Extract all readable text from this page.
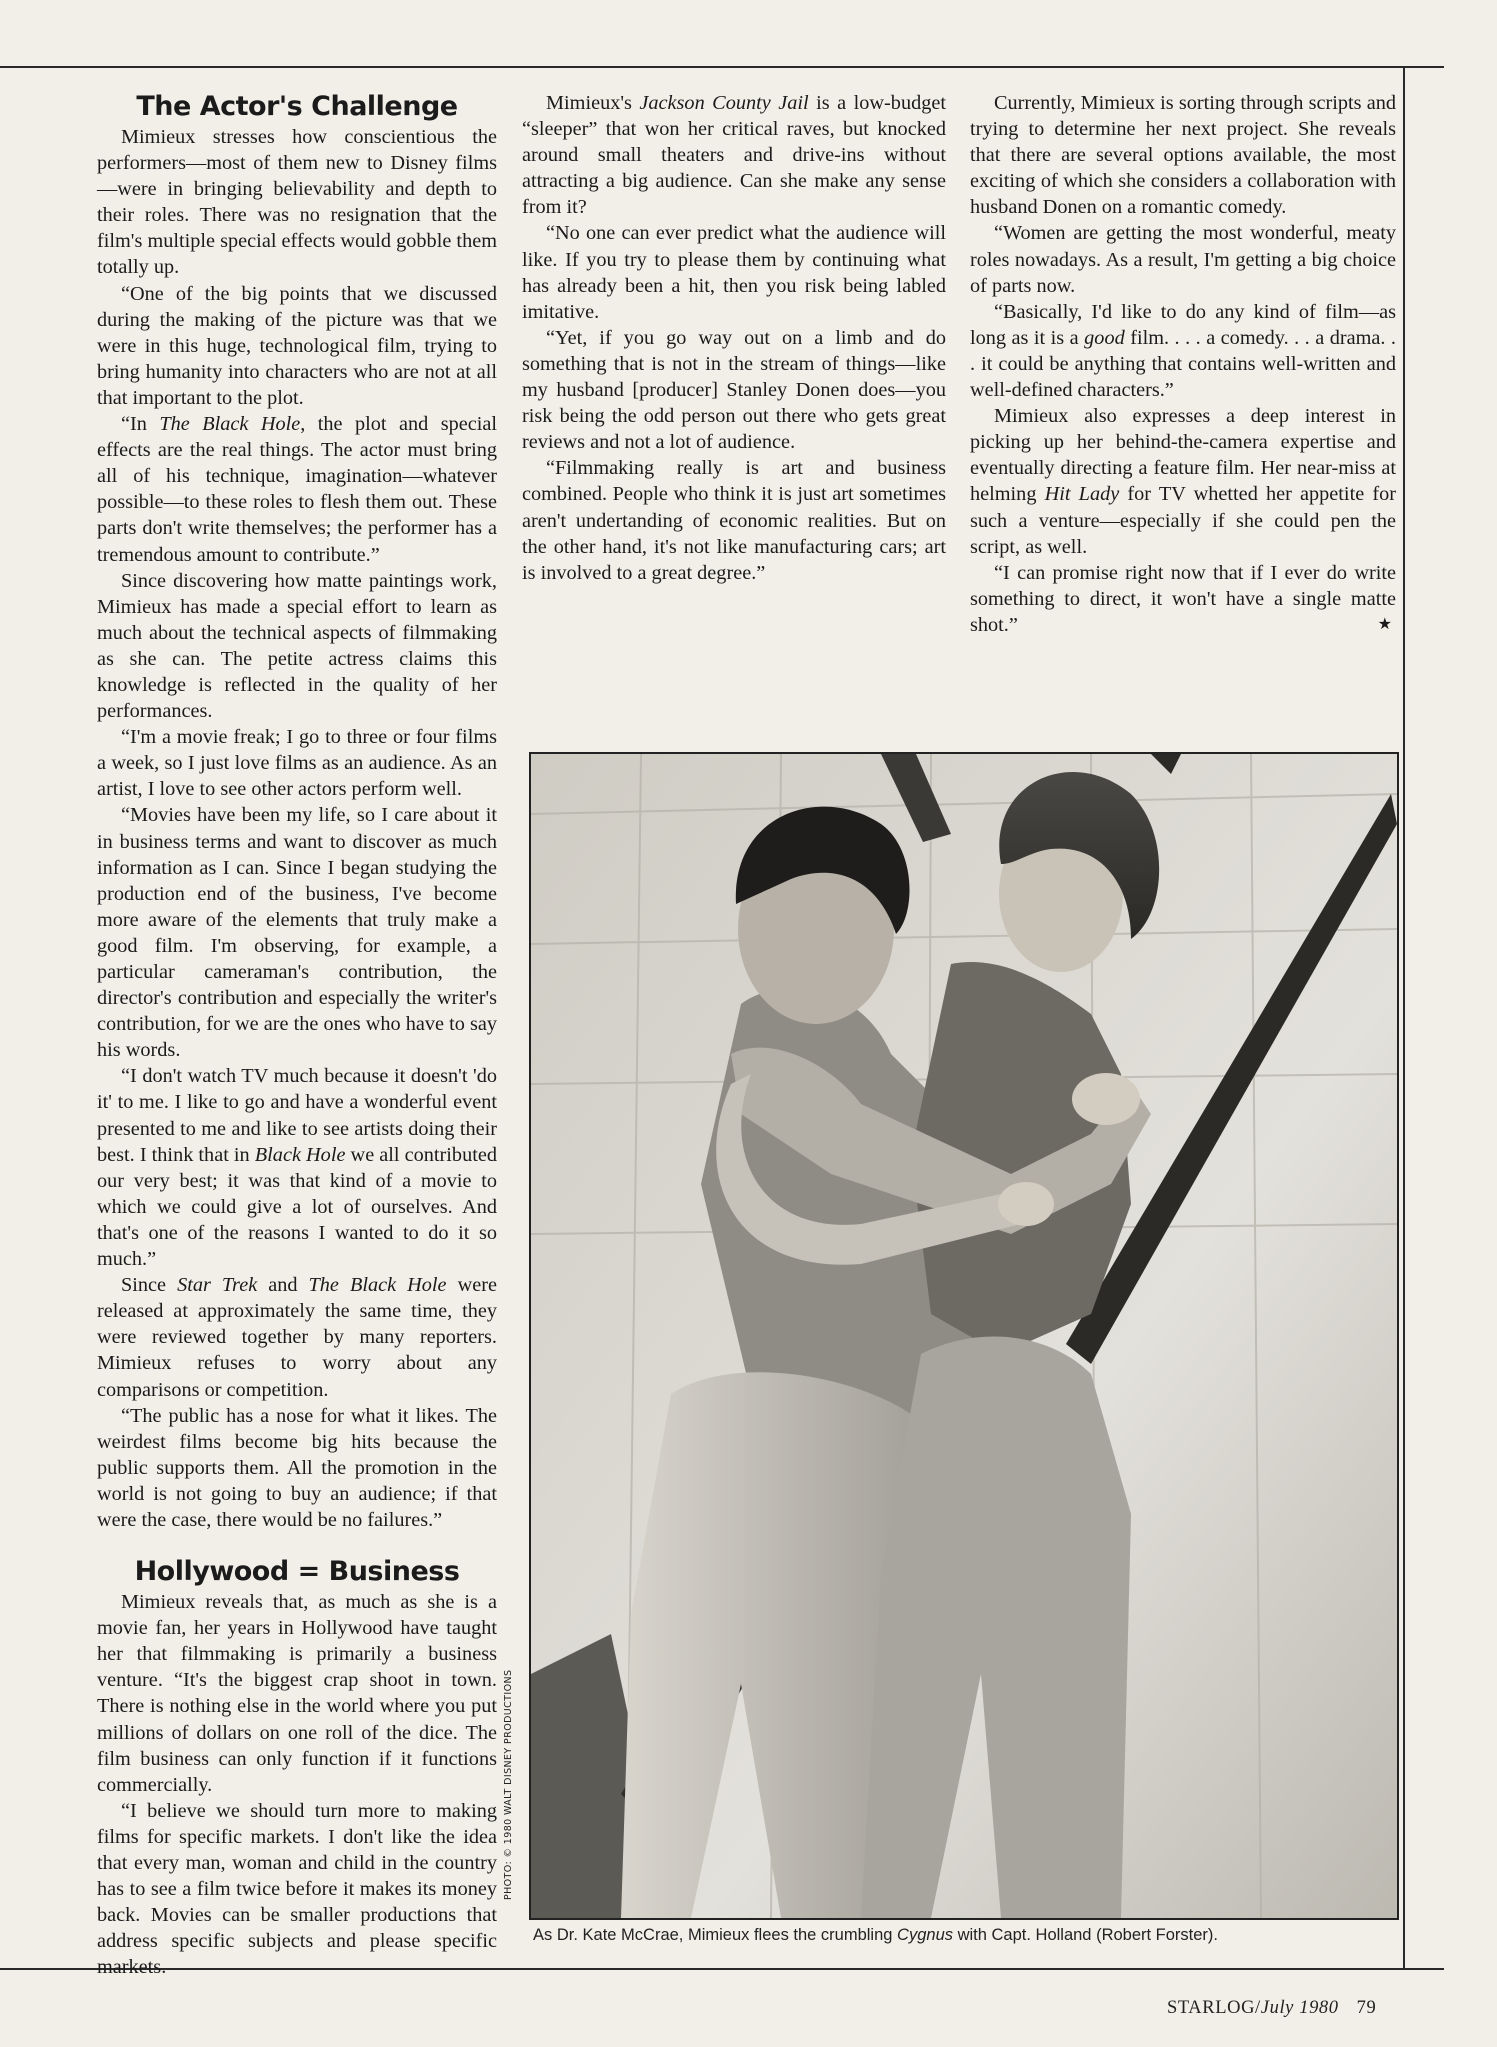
The Actor's Challenge

Mimieux stresses how conscientious the performers—most of them new to Disney films—were in bringing believability and depth to their roles. There was no resignation that the film's multiple special effects would gobble them totally up.

“One of the big points that we discussed during the making of the picture was that we were in this huge, technological film, trying to bring humanity into characters who are not at all that important to the plot.

“In The Black Hole, the plot and special effects are the real things. The actor must bring all of his technique, imagination—whatever possible—to these roles to flesh them out. These parts don't write themselves; the performer has a tremendous amount to contribute.”

Since discovering how matte paintings work, Mimieux has made a special effort to learn as much about the technical aspects of filmmaking as she can. The petite actress claims this knowledge is reflected in the quality of her performances.

“I'm a movie freak; I go to three or four films a week, so I just love films as an audience. As an artist, I love to see other actors perform well.

“Movies have been my life, so I care about it in business terms and want to discover as much information as I can. Since I began studying the production end of the business, I've become more aware of the elements that truly make a good film. I'm observing, for example, a particular cameraman's contribution, the director's contribution and especially the writer's contribution, for we are the ones who have to say his words.

“I don't watch TV much because it doesn't 'do it' to me. I like to go and have a wonderful event presented to me and like to see artists doing their best. I think that in Black Hole we all contributed our very best; it was that kind of a movie to which we could give a lot of ourselves. And that's one of the reasons I wanted to do it so much.”

Since Star Trek and The Black Hole were released at approximately the same time, they were reviewed together by many reporters. Mimieux refuses to worry about any comparisons or competition.

“The public has a nose for what it likes. The weirdest films become big hits because the public supports them. All the promotion in the world is not going to buy an audience; if that were the case, there would be no failures.”

Hollywood = Business

Mimieux reveals that, as much as she is a movie fan, her years in Hollywood have taught her that filmmaking is primarily a business venture. “It's the biggest crap shoot in town. There is nothing else in the world where you put millions of dollars on one roll of the dice. The film business can only function if it functions commercially.

“I believe we should turn more to making films for specific markets. I don't like the idea that every man, woman and child in the country has to see a film twice before it makes its money back. Movies can be smaller productions that address specific subjects and please specific markets.

Mimieux's Jackson County Jail is a low-budget “sleeper” that won her critical raves, but knocked around small theaters and drive-ins without attracting a big audience. Can she make any sense from it?

“No one can ever predict what the audience will like. If you try to please them by continuing what has already been a hit, then you risk being labled imitative.

“Yet, if you go way out on a limb and do something that is not in the stream of things—like my husband [producer] Stanley Donen does—you risk being the odd person out there who gets great reviews and not a lot of audience.

“Filmmaking really is art and business combined. People who think it is just art sometimes aren't undertanding of economic realities. But on the other hand, it's not like manufacturing cars; art is involved to a great degree.”

Currently, Mimieux is sorting through scripts and trying to determine her next project. She reveals that there are several options available, the most exciting of which she considers a collaboration with husband Donen on a romantic comedy.

“Women are getting the most wonderful, meaty roles nowadays. As a result, I'm getting a big choice of parts now.

“Basically, I'd like to do any kind of film—as long as it is a good film. . . . a comedy. . . a drama. . . it could be anything that contains well-written and well-defined characters.”

Mimieux also expresses a deep interest in picking up her behind-the-camera expertise and eventually directing a feature film. Her near-miss at helming Hit Lady for TV whetted her appetite for such a venture—especially if she could pen the script, as well.

“I can promise right now that if I ever do write something to direct, it won't have a single matte shot.”	★

PHOTO: © 1980 WALT DISNEY PRODUCTIONS
As Dr. Kate McCrae, Mimieux flees the crumbling Cygnus with Capt. Holland (Robert Forster).
STARLOG/July 1980 79
